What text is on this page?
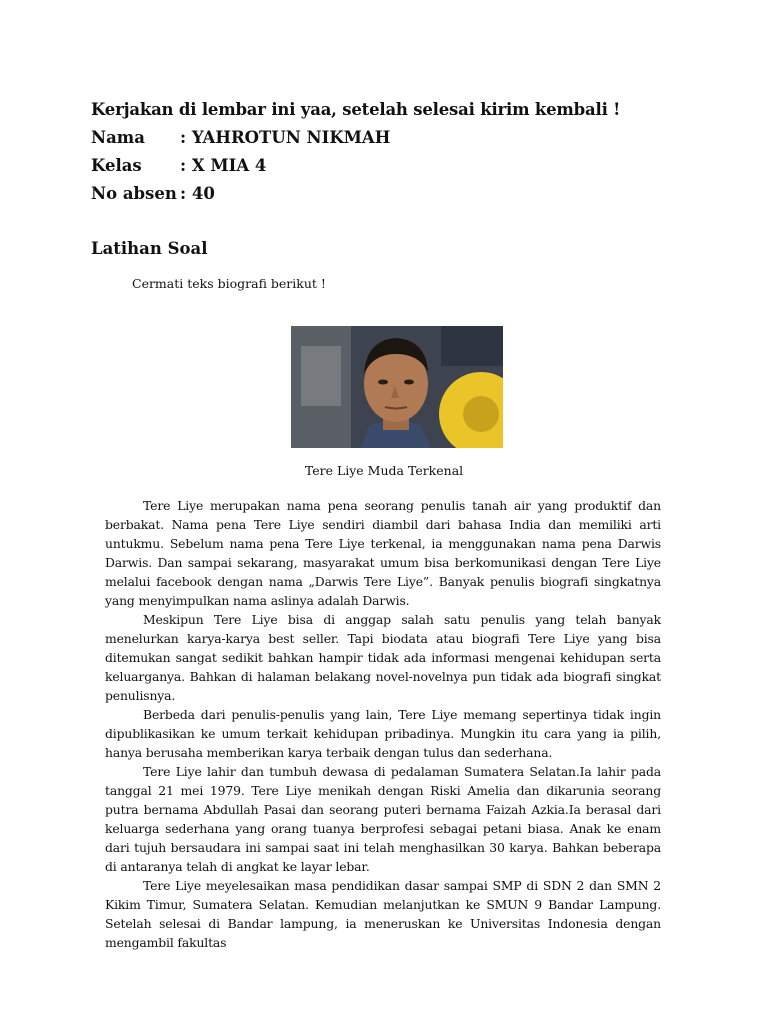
Kerjakan di lembar ini yaa, setelah selesai kirim kembali !
Nama : YAHROTUN NIKMAH
Kelas : X MIA 4
No absen : 40
Latihan Soal
Cermati teks biografi berikut !
Tere Liye Muda Terkenal

Tere Liye merupakan nama pena seorang penulis tanah air yang produktif dan berbakat. Nama pena Tere Liye sendiri diambil dari bahasa India dan memiliki arti untukmu. Sebelum nama pena Tere Liye terkenal, ia menggunakan nama pena Darwis Darwis. Dan sampai sekarang, masyarakat umum bisa berkomunikasi dengan Tere Liye melalui facebook dengan nama „Darwis Tere Liye”. Banyak penulis biografi singkatnya yang menyimpulkan nama aslinya adalah Darwis.

Meskipun Tere Liye bisa di anggap salah satu penulis yang telah banyak menelurkan karya-karya best seller. Tapi biodata atau biografi Tere Liye yang bisa ditemukan sangat sedikit bahkan hampir tidak ada informasi mengenai kehidupan serta keluarganya. Bahkan di halaman belakang novel-novelnya pun tidak ada biografi singkat penulisnya.

Berbeda dari penulis-penulis yang lain, Tere Liye memang sepertinya tidak ingin dipublikasikan ke umum terkait kehidupan pribadinya. Mungkin itu cara yang ia pilih, hanya berusaha memberikan karya terbaik dengan tulus dan sederhana.

Tere Liye lahir dan tumbuh dewasa di pedalaman Sumatera Selatan.Ia lahir pada tanggal 21 mei 1979. Tere Liye menikah dengan Riski Amelia dan dikarunia seorang putra bernama Abdullah Pasai dan seorang puteri bernama Faizah Azkia.Ia berasal dari keluarga sederhana yang orang tuanya berprofesi sebagai petani biasa. Anak ke enam dari tujuh bersaudara ini sampai saat ini telah menghasilkan 30 karya. Bahkan beberapa di antaranya telah di angkat ke layar lebar.

Tere Liye meyelesaikan masa pendidikan dasar sampai SMP di SDN 2 dan SMN 2 Kikim Timur, Sumatera Selatan. Kemudian melanjutkan ke SMUN 9 Bandar Lampung. Setelah selesai di Bandar lampung, ia meneruskan ke Universitas Indonesia dengan mengambil fakultas
